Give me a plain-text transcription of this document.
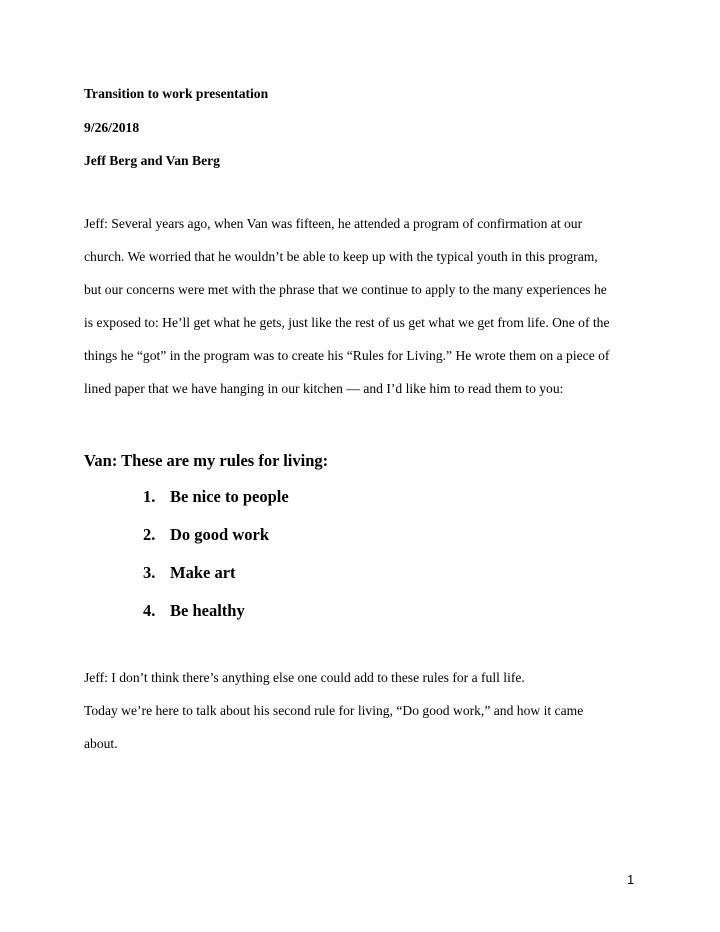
Transition to work presentation
9/26/2018
Jeff Berg and Van Berg
Jeff: Several years ago, when Van was fifteen, he attended a program of confirmation at our
church. We worried that he wouldn’t be able to keep up with the typical youth in this program,
but our concerns were met with the phrase that we continue to apply to the many experiences he
is exposed to: He’ll get what he gets, just like the rest of us get what we get from life. One of the
things he “got” in the program was to create his “Rules for Living.” He wrote them on a piece of
lined paper that we have hanging in our kitchen — and I’d like him to read them to you:
Van: These are my rules for living:
1. Be nice to people
2. Do good work
3. Make art
4. Be healthy
Jeff: I don’t think there’s anything else one could add to these rules for a full life.
Today we’re here to talk about his second rule for living, “Do good work,” and how it came
about.
1
